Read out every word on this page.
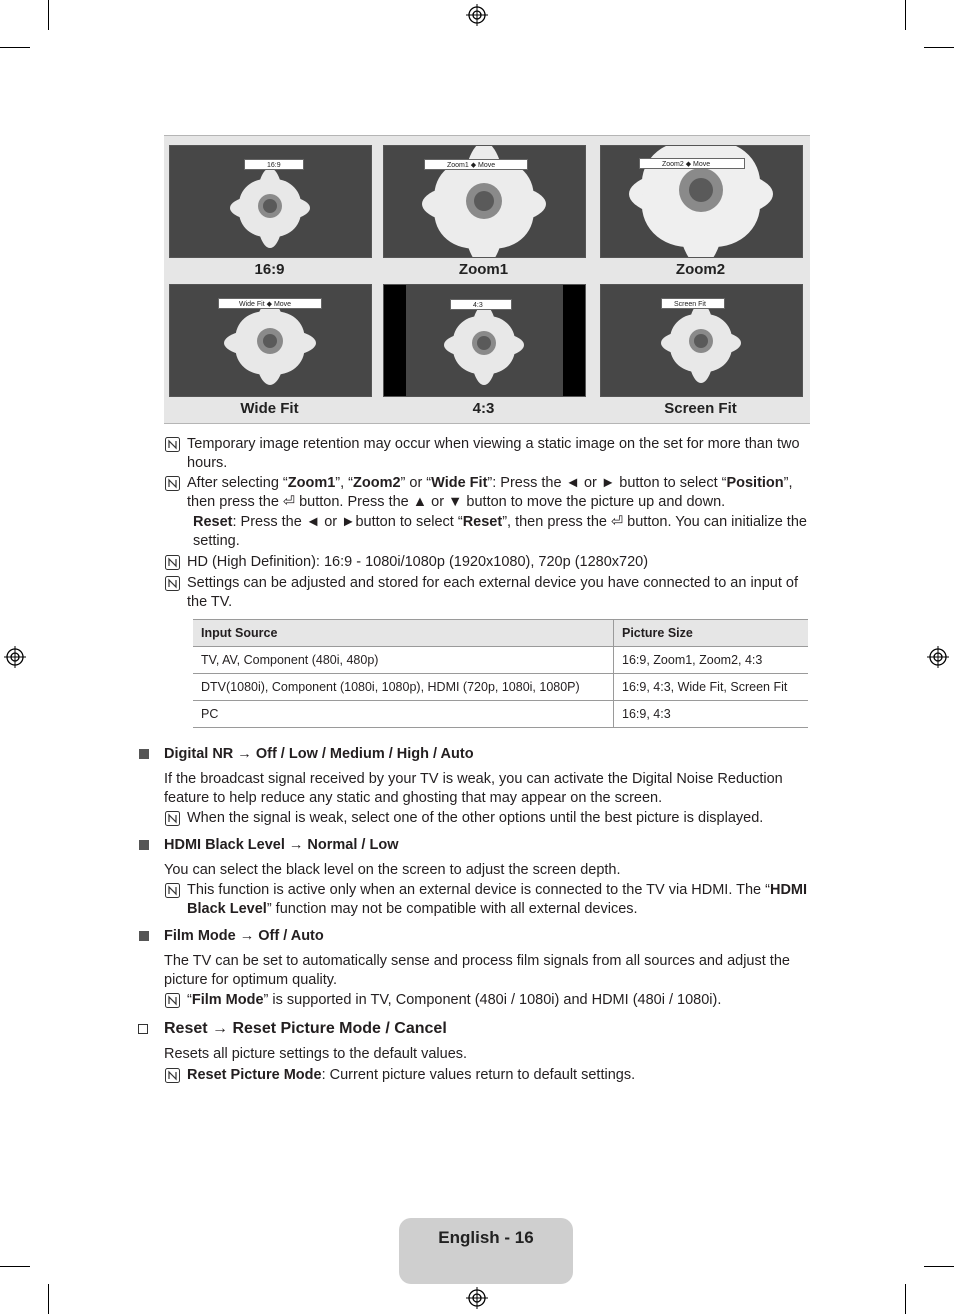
16:9	Zoom1 ◆ Move	Zoom2 ◆ Move
16:9	Zoom1	Zoom2
Wide Fit ◆ Move	4:3	Screen Fit
Wide Fit	4:3	Screen Fit
Temporary image retention may occur when viewing a static image on the set for more than two hours.
After selecting “Zoom1”, “Zoom2” or “Wide Fit”: Press the ◄ or ► button to select “Position”, then press the ⏎ button. Press the ▲ or ▼ button to move the picture up and down.
Reset: Press the ◄ or ►button to select “Reset”, then press the ⏎ button. You can initialize the setting.
HD (High Definition): 16:9 - 1080i/1080p (1920x1080), 720p (1280x720)
Settings can be adjusted and stored for each external device you have connected to an input of the TV.
Input Source	Picture Size
TV, AV, Component (480i, 480p)	16:9, Zoom1, Zoom2, 4:3
DTV(1080i), Component (1080i, 1080p), HDMI (720p, 1080i, 1080P)	16:9, 4:3, Wide Fit, Screen Fit
PC	16:9, 4:3
Digital NR → Off / Low / Medium / High / Auto
If the broadcast signal received by your TV is weak, you can activate the Digital Noise Reduction feature to help reduce any static and ghosting that may appear on the screen.
When the signal is weak, select one of the other options until the best picture is displayed.
HDMI Black Level → Normal / Low
You can select the black level on the screen to adjust the screen depth.
This function is active only when an external device is connected to the TV via HDMI. The “HDMI Black Level” function may not be compatible with all external devices.
Film Mode → Off / Auto
The TV can be set to automatically sense and process film signals from all sources and adjust the picture for optimum quality.
“Film Mode” is supported in TV, Component (480i / 1080i) and HDMI (480i / 1080i).
Reset → Reset Picture Mode / Cancel
Resets all picture settings to the default values.
Reset Picture Mode: Current picture values return to default settings.
English - 16
